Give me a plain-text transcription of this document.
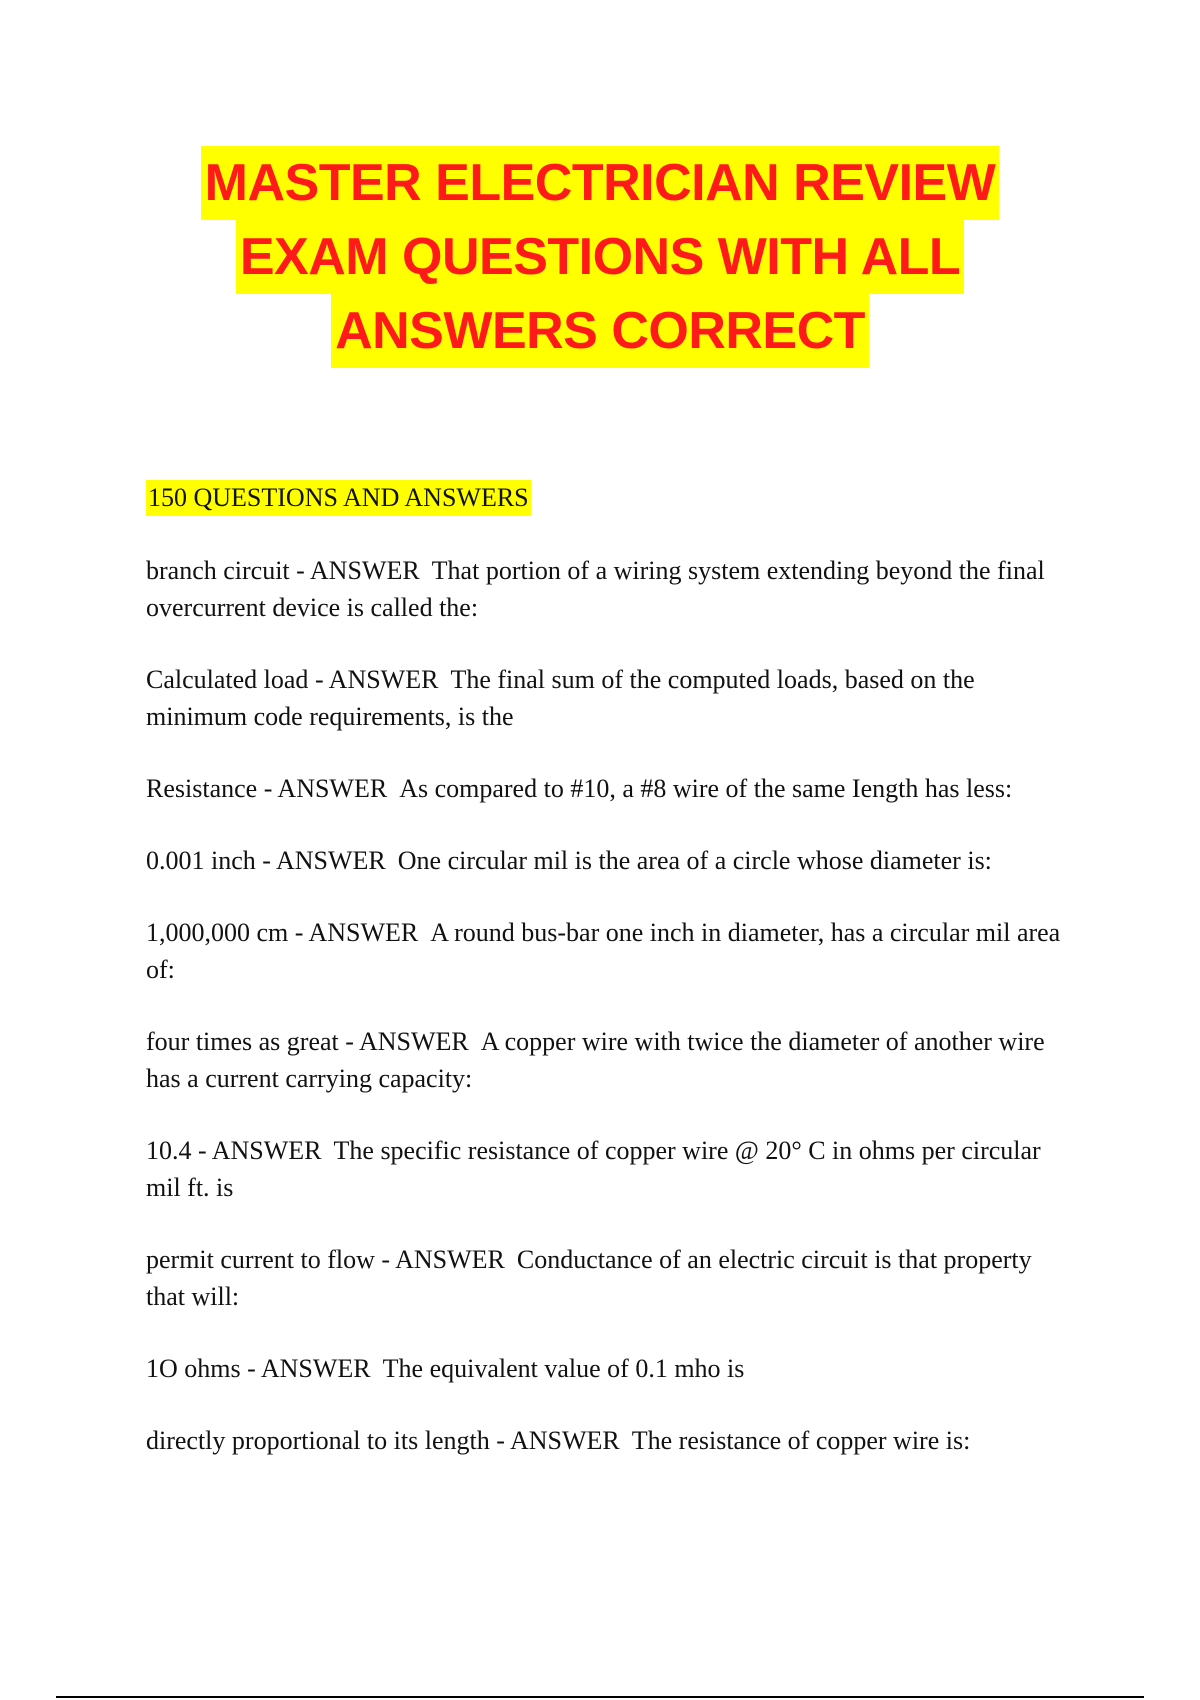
MASTER ELECTRICIAN REVIEW
EXAM QUESTIONS WITH ALL
ANSWERS CORRECT
150 QUESTIONS AND ANSWERS

branch circuit - ANSWER That portion of a wiring system extending beyond the final overcurrent device is called the:

Calculated load - ANSWER The final sum of the computed loads, based on the minimum code requirements, is the

Resistance - ANSWER As compared to #10, a #8 wire of the same Iength has less:

0.001 inch - ANSWER One circular mil is the area of a circle whose diameter is:

1,000,000 cm - ANSWER A round bus-bar one inch in diameter, has a circular mil area of:

four times as great - ANSWER A copper wire with twice the diameter of another wire has a current carrying capacity:

10.4 - ANSWER The specific resistance of copper wire @ 20° C in ohms per circular mil ft. is

permit current to flow - ANSWER Conductance of an electric circuit is that property that will:

1O ohms - ANSWER The equivalent value of 0.1 mho is

directly proportional to its length - ANSWER The resistance of copper wire is:
